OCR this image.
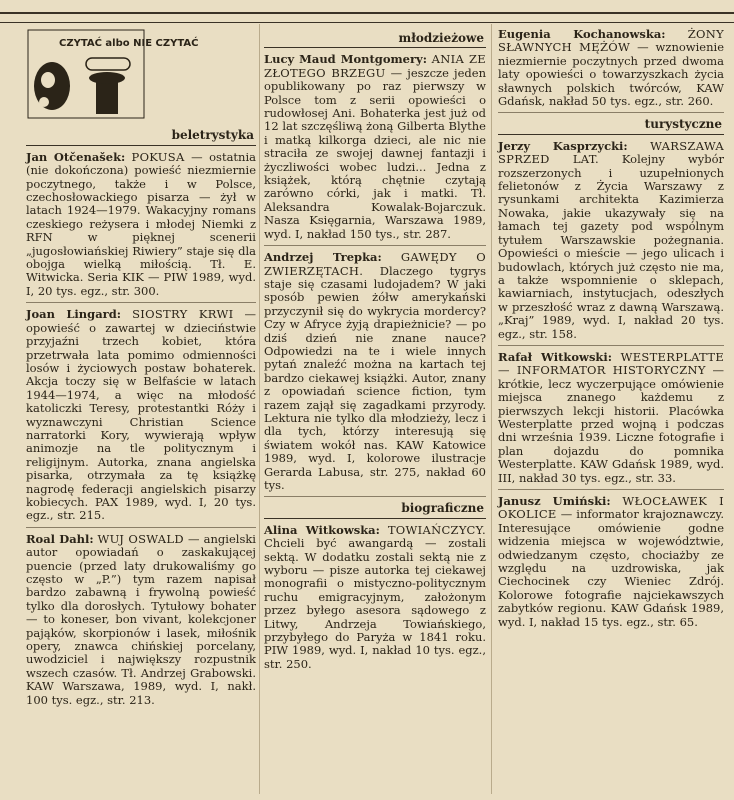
CZYTAĆ albo NIE CZYTAĆ
beletrystyka
Jan Otčenašek: POKUSA — ostatnia (nie dokończona) powieść niezmiernie poczytnego, także i w Polsce, czechosłowackiego pisarza — żył w latach 1924—1979. Wakacyjny romans czeskiego reżysera i młodej Niemki z RFN w pięknej scenerii „jugosłowiańskiej Riwiery” staje się dla obojga wielką miłością. Tł. E. Witwicka. Seria KIK — PIW 1989, wyd. I, 20 tys. egz., str. 300.
Joan Lingard: SIOSTRY KRWI — opowieść o zawartej w dzieciństwie przyjaźni trzech kobiet, która przetrwała lata pomimo odmienności losów i życiowych postaw bohaterek. Akcja toczy się w Belfaście w latach 1944—1974, a więc na młodość katoliczki Teresy, protestantki Róży i wyznawczyni Christian Science narratorki Kory, wywierają wpływ animozje na tle politycznym i religijnym. Autorka, znana angielska pisarka, otrzymała za tę książkę nagrodę federacji angielskich pisarzy kobiecych. PAX 1989, wyd. I, 20 tys. egz., str. 215.
Roal Dahl: WUJ OSWALD — angielski autor opowiadań o zaskakującej puencie (przed laty drukowaliśmy go często w „P.”) tym razem napisał bardzo zabawną i frywolną powieść tylko dla dorosłych. Tytułowy bohater — to koneser, bon vivant, kolekcjoner pająków, skorpionów i lasek, miłośnik opery, znawca chińskiej porcelany, uwodziciel i największy rozpustnik wszech czasów. Tł. Andrzej Grabowski. KAW Warszawa, 1989, wyd. I, nakł. 100 tys. egz., str. 213.
młodzieżowe
Lucy Maud Montgomery: ANIA ZE ZŁOTEGO BRZEGU — jeszcze jeden opublikowany po raz pierwszy w Polsce tom z serii opowieści o rudowłosej Ani. Bohaterka jest już od 12 lat szczęśliwą żoną Gilberta Blythe i matką kilkorga dzieci, ale nic nie straciła ze swojej dawnej fantazji i życzliwości wobec ludzi... Jedna z książek, którą chętnie czytają zarówno córki, jak i matki. Tł. Aleksandra Kowalak-Bojarczuk. Nasza Księgarnia, Warszawa 1989, wyd. I, nakład 150 tys., str. 287.
Andrzej Trepka: GAWĘDY O ZWIERZĘTACH. Dlaczego tygrys staje się czasami ludojadem? W jaki sposób pewien żółw amerykański przyczynił się do wykrycia mordercy? Czy w Afryce żyją drapieżnicie? — po dziś dzień nie znane nauce? Odpowiedzi na te i wiele innych pytań znaleźć można na kartach tej bardzo ciekawej książki. Autor, znany z opowiadań science fiction, tym razem zajął się zagadkami przyrody. Lektura nie tylko dla młodzieży, lecz i dla tych, którzy interesują się światem wokół nas. KAW Katowice 1989, wyd. I, kolorowe ilustracje Gerarda Labusa, str. 275, nakład 60 tys.
biograficzne
Alina Witkowska: TOWIAŃCZYCY. Chcieli być awangardą — zostali sektą. W dodatku zostali sektą nie z wyboru — pisze autorka tej ciekawej monografii o mistyczno-politycznym ruchu emigracyjnym, założonym przez byłego asesora sądowego z Litwy, Andrzeja Towiańskiego, przybyłego do Paryża w 1841 roku. PIW 1989, wyd. I, nakład 10 tys. egz., str. 250.
Eugenia Kochanowska: ŻONY SŁAWNYCH MĘŻÓW — wznowienie niezmiernie poczytnych przed dwoma laty opowieści o towarzyszkach życia sławnych polskich twórców, KAW Gdańsk, nakład 50 tys. egz., str. 260.
turystyczne
Jerzy Kasprzycki: WARSZAWA SPRZED LAT. Kolejny wybór rozszerzonych i uzupełnionych felietonów z Życia Warszawy z rysunkami architekta Kazimierza Nowaka, jakie ukazywały się na łamach tej gazety pod wspólnym tytułem Warszawskie pożegnania. Opowieści o mieście — jego ulicach i budowlach, których już często nie ma, a także wspomnienie o sklepach, kawiarniach, instytucjach, odeszłych w przeszłość wraz z dawną Warszawą. „Kraj” 1989, wyd. I, nakład 20 tys. egz., str. 158.
Rafał Witkowski: WESTERPLATTE — INFORMATOR HISTORYCZNY — krótkie, lecz wyczerpujące omówienie miejsca znanego każdemu z pierwszych lekcji historii. Placówka Westerplatte przed wojną i podczas dni września 1939. Liczne fotografie i plan dojazdu do pomnika Westerplatte. KAW Gdańsk 1989, wyd. III, nakład 30 tys. egz., str. 33.
Janusz Umiński: WŁOCŁAWEK I OKOLICE — informator krajoznawczy. Interesujące omówienie godne widzenia miejsca w województwie, odwiedzanym często, chociażby ze względu na uzdrowiska, jak Ciechocinek czy Wieniec Zdrój. Kolorowe fotografie najciekawszych zabytków regionu. KAW Gdańsk 1989, wyd. I, nakład 15 tys. egz., str. 65.
